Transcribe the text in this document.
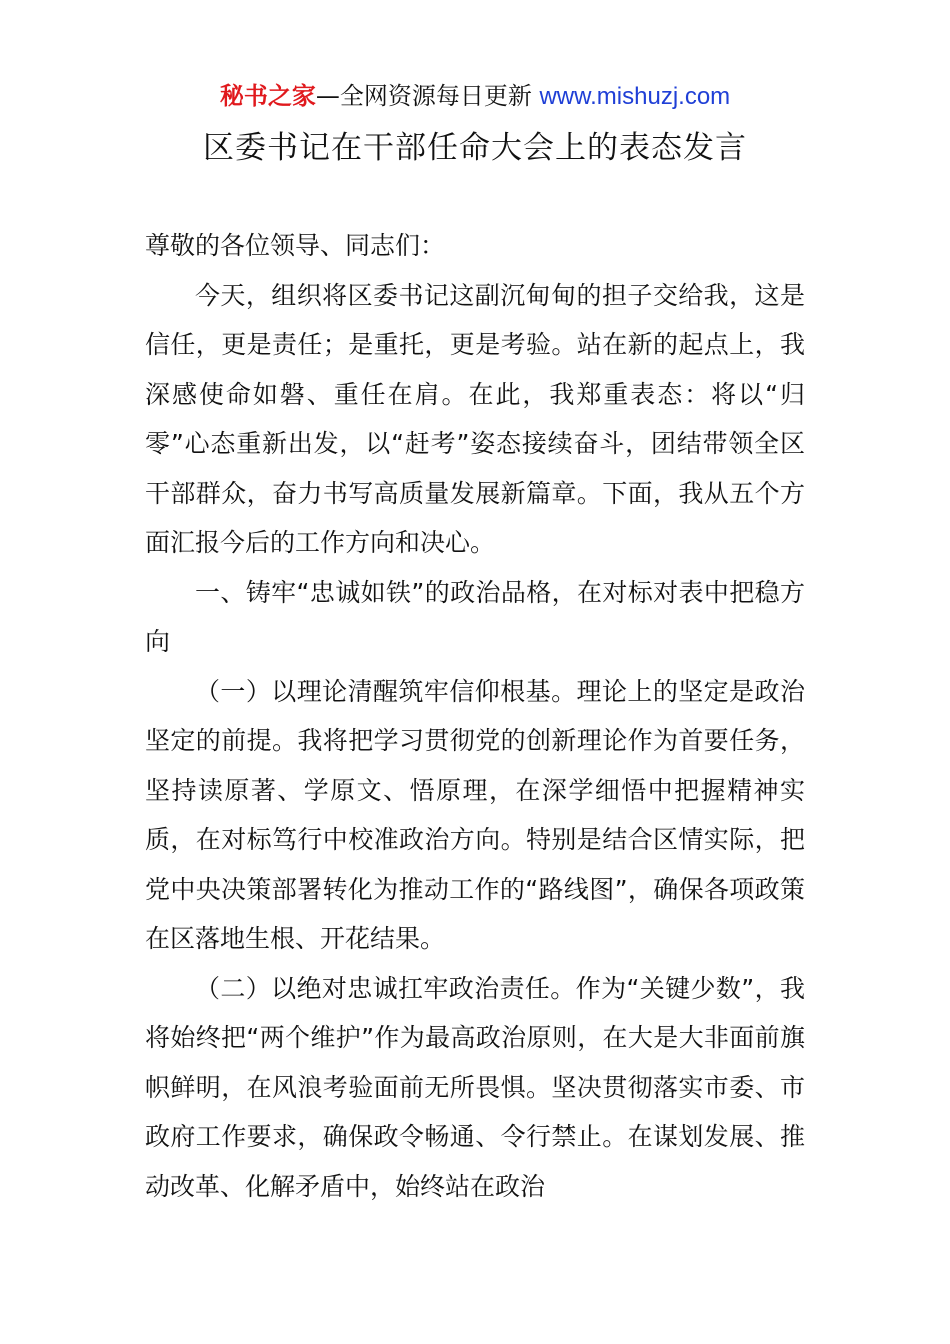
秘书之家—全网资源每日更新 www.mishuzj.com
区委书记在干部任命大会上的表态发言

尊敬的各位领导、同志们：

今天，组织将区委书记这副沉甸甸的担子交给我，这是信任，更是责任；是重托，更是考验。站在新的起点上，我深感使命如磐、重任在肩。在此，我郑重表态：将以“归零”心态重新出发，以“赶考”姿态接续奋斗，团结带领全区干部群众，奋力书写高质量发展新篇章。下面，我从五个方面汇报今后的工作方向和决心。

一、铸牢“忠诚如铁”的政治品格，在对标对表中把稳方向

（一）以理论清醒筑牢信仰根基。理论上的坚定是政治坚定的前提。我将把学习贯彻党的创新理论作为首要任务，坚持读原著、学原文、悟原理，在深学细悟中把握精神实质，在对标笃行中校准政治方向。特别是结合区情实际，把党中央决策部署转化为推动工作的“路线图”，确保各项政策在区落地生根、开花结果。

（二）以绝对忠诚扛牢政治责任。作为“关键少数”，我将始终把“两个维护”作为最高政治原则，在大是大非面前旗帜鲜明，在风浪考验面前无所畏惧。坚决贯彻落实市委、市政府工作要求，确保政令畅通、令行禁止。在谋划发展、推动改革、化解矛盾中，始终站在政治
